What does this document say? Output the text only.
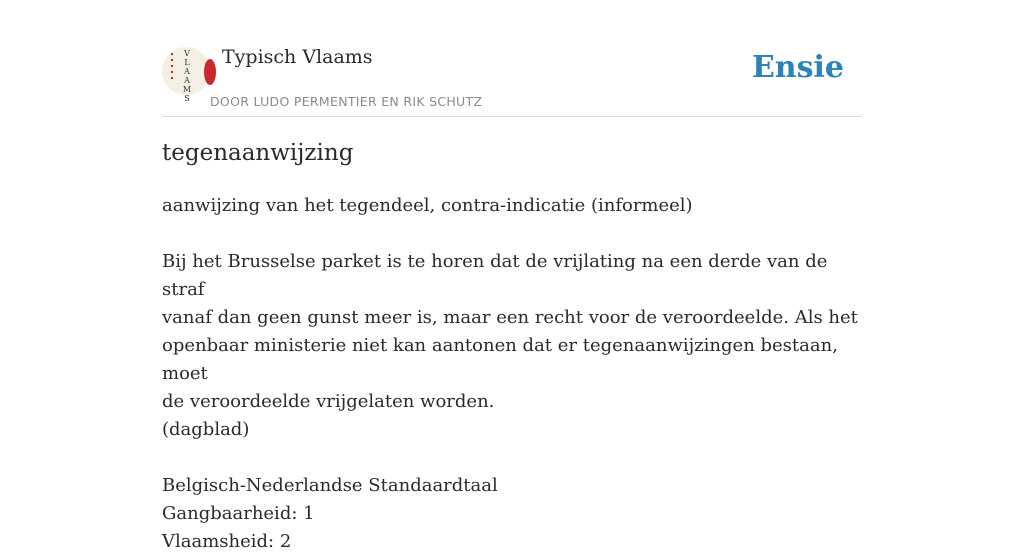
V
L
A
A
M
S
Typisch Vlaams
DOOR LUDO PERMENTIER EN RIK SCHUTZ
Ensie
tegenaanwijzing

aanwijzing van het tegendeel, contra-indicatie (informeel)

Bij het Brusselse parket is te horen dat de vrijlating na een derde van de straf

vanaf dan geen gunst meer is, maar een recht voor de veroordeelde. Als het

openbaar ministerie niet kan aantonen dat er tegenaanwijzingen bestaan, moet

de veroordeelde vrijgelaten worden.

(dagblad)

Belgisch-Nederlandse Standaardtaal

Gangbaarheid: 1

Vlaamsheid: 2
